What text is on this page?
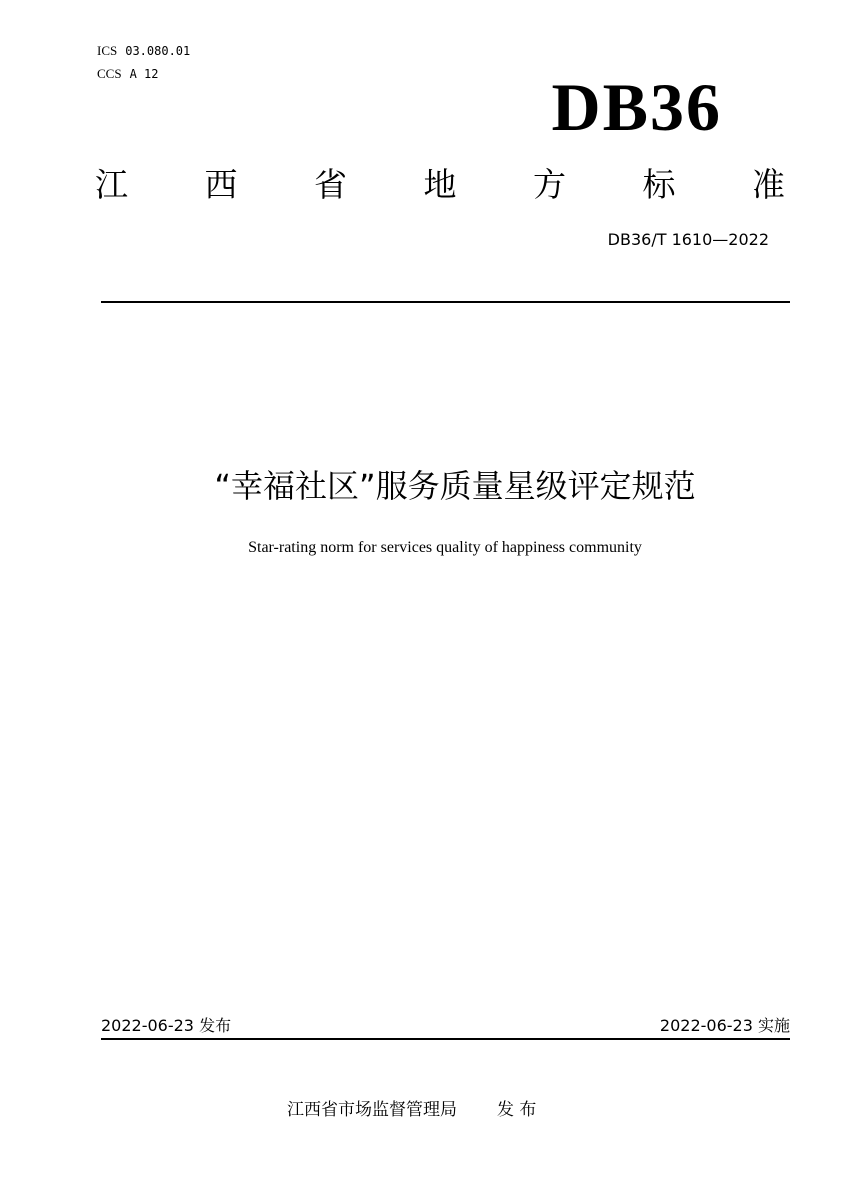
ICS 03.080.01
CCS A 12	DB36
江 西 省 地 方 标 准
DB36/T 1610—2022
“幸福社区”服务质量星级评定规范
Star-rating norm for services quality of happiness community
2022-06-23 发布	2022-06-23 实施
江西省市场监督管理局 发 布
